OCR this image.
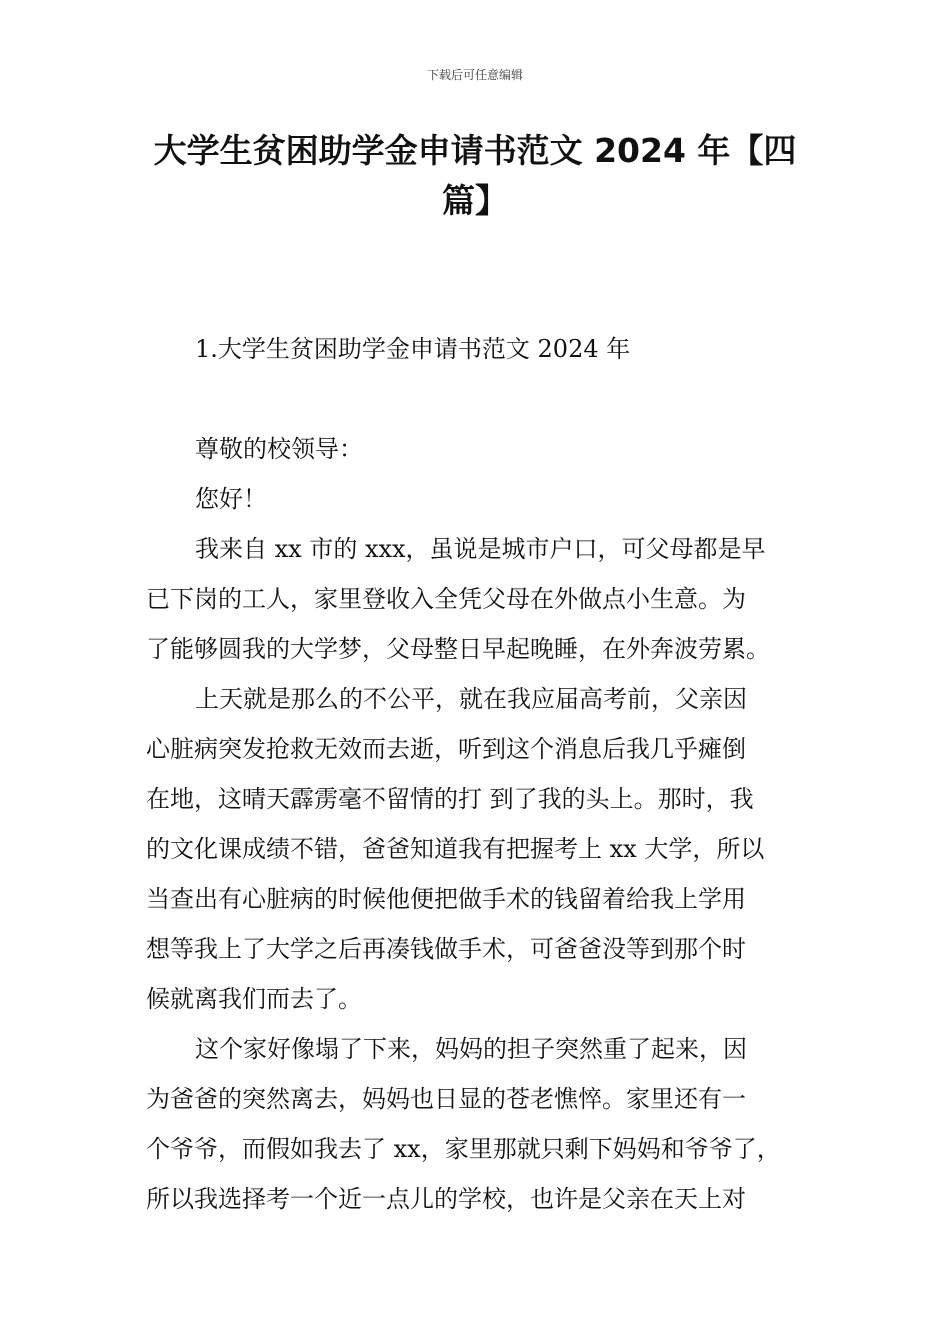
下载后可任意编辑
大学生贫困助学金申请书范文 2024 年【四
篇】

1.大学生贫困助学金申请书范文 2024 年

尊敬的校领导：

您好！

我来自 xx 市的 xxx，虽说是城市户口，可父母都是早
已下岗的工人，家里登收入全凭父母在外做点小生意。为
了能够圆我的大学梦，父母整日早起晚睡，在外奔波劳累。
上天就是那么的不公平，就在我应届高考前，父亲因
心脏病突发抢救无效而去逝，听到这个消息后我几乎瘫倒
在地，这晴天霹雳毫不留情的打 到了我的头上。那时，我
的文化课成绩不错，爸爸知道我有把握考上 xx 大学，所以
当查出有心脏病的时候他便把做手术的钱留着给我上学用
想等我上了大学之后再凑钱做手术，可爸爸没等到那个时
候就离我们而去了。
这个家好像塌了下来，妈妈的担子突然重了起来，因
为爸爸的突然离去，妈妈也日显的苍老憔悴。家里还有一
个爷爷，而假如我去了 xx，家里那就只剩下妈妈和爷爷了，
所以我选择考一个近一点儿的学校，也许是父亲在天上对
